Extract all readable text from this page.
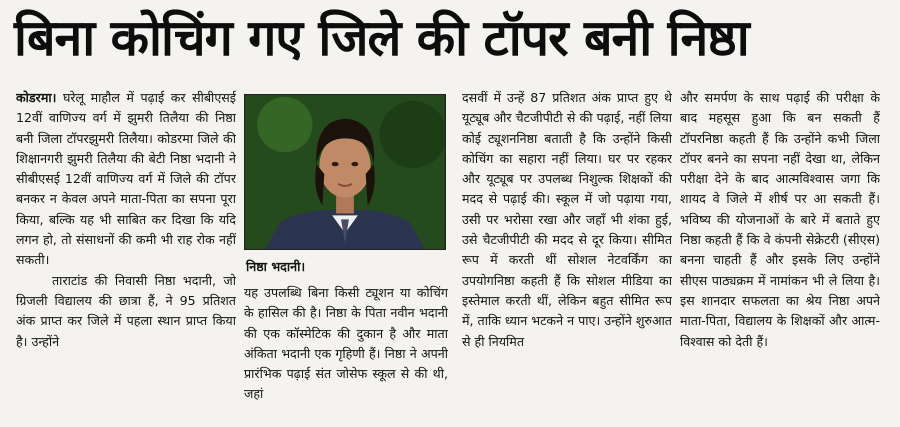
बिना कोचिंग गए जिले की टॉपर बनी निष्ठा

कोडरमा। घरेलू माहौल में पढ़ाई कर सीबीएसई 12वीं वाणिज्य वर्ग में झुमरी तिलैया की निष्ठा बनी जिला टॉपरझुमरी तिलैया। कोडरमा जिले की शिक्षानगरी झुमरी तिलैया की बेटी निष्ठा भदानी ने सीबीएसई 12वीं वाणिज्य वर्ग में जिले की टॉपर बनकर न केवल अपने माता-पिता का सपना पूरा किया, बल्कि यह भी साबित कर दिखा कि यदि लगन हो, तो संसाधनों की कमी भी राह रोक नहीं सकती।

ताराटांड की निवासी निष्ठा भदानी, जो ग्रिजली विद्यालय की छात्रा हैं, ने 95 प्रतिशत अंक प्राप्त कर जिले में पहला स्थान प्राप्त किया है। उन्होंने

निष्ठा भदानी।

यह उपलब्धि बिना किसी ट्यूशन या कोचिंग के हासिल की है। निष्ठा के पिता नवीन भदानी की एक कॉस्मेटिक की दुकान है और माता अंकिता भदानी एक गृहिणी हैं। निष्ठा ने अपनी प्रारंभिक पढ़ाई संत जोसेफ स्कूल से की थी, जहां

दसवीं में उन्हें 87 प्रतिशत अंक प्राप्त हुए थे यूट्यूब और चैटजीपीटी से की पढ़ाई, नहीं लिया कोई ट्यूशननिष्ठा बताती है कि उन्होंने किसी कोचिंग का सहारा नहीं लिया। घर पर रहकर और यूट्यूब पर उपलब्ध निशुल्क शिक्षकों की मदद से पढ़ाई की। स्कूल में जो पढ़ाया गया, उसी पर भरोसा रखा और जहाँ भी शंका हुई, उसे चैटजीपीटी की मदद से दूर किया। सीमित रूप में करती थीं सोशल नेटवर्किंग का उपयोगनिष्ठा कहती हैं कि सोशल मीडिया का इस्तेमाल करती थीं, लेकिन बहुत सीमित रूप में, ताकि ध्यान भटकने न पाए। उन्होंने शुरुआत से ही नियमित

और समर्पण के साथ पढ़ाई की परीक्षा के बाद महसूस हुआ कि बन सकती हैं टॉपरनिष्ठा कहती हैं कि उन्होंने कभी जिला टॉपर बनने का सपना नहीं देखा था, लेकिन परीक्षा देने के बाद आत्मविश्वास जगा कि शायद वे जिले में शीर्ष पर आ सकती हैं। भविष्य की योजनाओं के बारे में बताते हुए निष्ठा कहती हैं कि वे कंपनी सेक्रेटरी (सीएस) बनना चाहती हैं और इसके लिए उन्होंने सीएस पाठ्यक्रम में नामांकन भी ले लिया है। इस शानदार सफलता का श्रेय निष्ठा अपने माता-पिता, विद्यालय के शिक्षकों और आत्म-विश्वास को देती हैं।
